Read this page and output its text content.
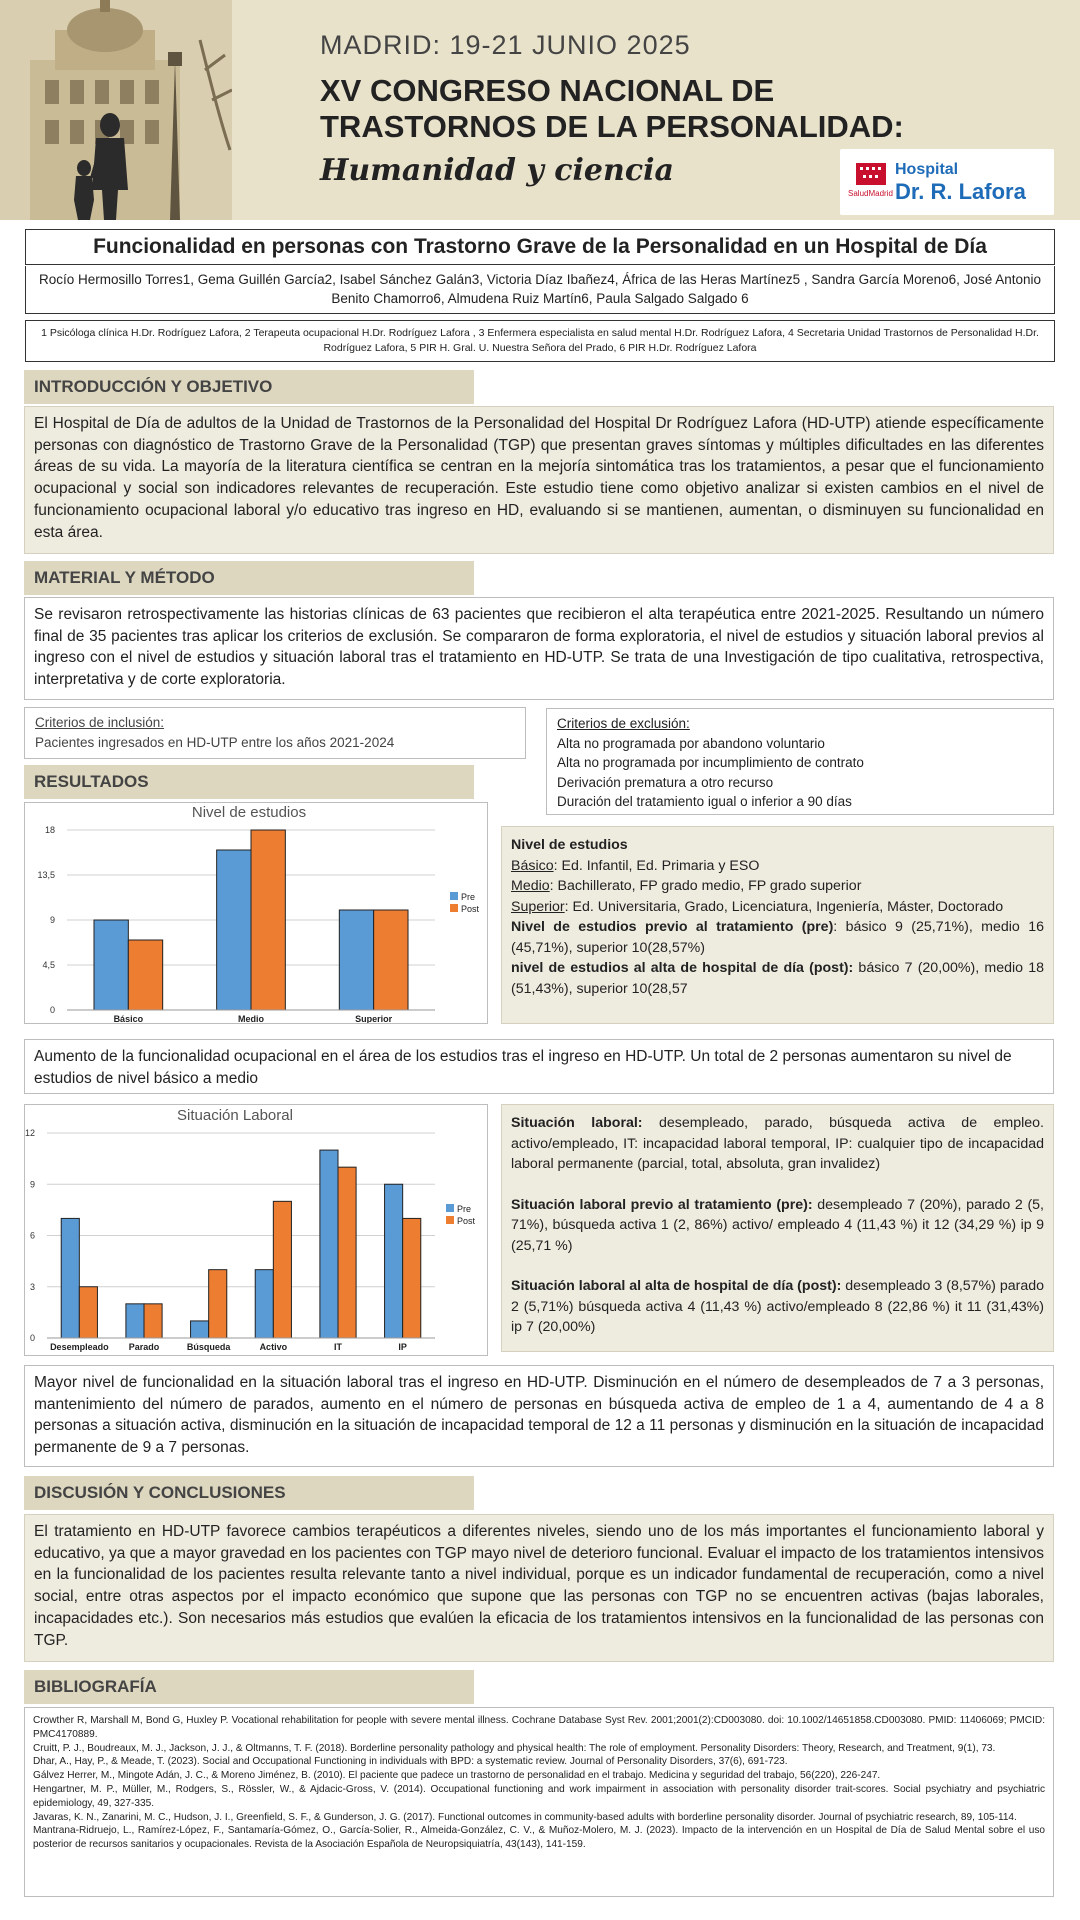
MADRID: 19-21 JUNIO 2025
XV CONGRESO NACIONAL DE
TRASTORNOS DE LA PERSONALIDAD:
Humanidad y ciencia
SaludMadrid
Hospital
Dr. R. Lafora
Funcionalidad en personas con Trastorno Grave de la Personalidad en un Hospital de Día
Rocío Hermosillo Torres1, Gema Guillén García2, Isabel Sánchez Galán3, Victoria Díaz Ibañez4, África de las Heras Martínez5 , Sandra García Moreno6, José Antonio Benito Chamorro6, Almudena Ruiz Martín6, Paula Salgado Salgado 6
1 Psicóloga clínica H.Dr. Rodríguez Lafora, 2 Terapeuta ocupacional H.Dr. Rodríguez Lafora , 3 Enfermera especialista en salud mental H.Dr. Rodríguez Lafora, 4 Secretaria Unidad Trastornos de Personalidad H.Dr. Rodríguez Lafora, 5 PIR H. Gral. U. Nuestra Señora del Prado, 6 PIR H.Dr. Rodríguez Lafora
INTRODUCCIÓN Y OBJETIVO
El Hospital de Día de adultos de la Unidad de Trastornos de la Personalidad del Hospital Dr Rodríguez Lafora (HD-UTP) atiende específicamente personas con diagnóstico de Trastorno Grave de la Personalidad (TGP) que presentan graves síntomas y múltiples dificultades en las diferentes áreas de su vida. La mayoría de la literatura científica se centran en la mejoría sintomática tras los tratamientos, a pesar que el funcionamiento ocupacional y social son indicadores relevantes de recuperación. Este estudio tiene como objetivo analizar si existen cambios en el nivel de funcionamiento ocupacional laboral y/o educativo tras ingreso en HD, evaluando si se mantienen, aumentan, o disminuyen su funcionalidad en esta área.
MATERIAL Y MÉTODO
Se revisaron retrospectivamente las historias clínicas de 63 pacientes que recibieron el alta terapéutica entre 2021-2025. Resultando un número final de 35 pacientes tras aplicar los criterios de exclusión. Se compararon de forma exploratoria, el nivel de estudios y situación laboral previos al ingreso con el nivel de estudios y situación laboral tras el tratamiento en HD-UTP. Se trata de una Investigación de tipo cualitativa, retrospectiva, interpretativa y de corte exploratoria.
Criterios de inclusión:
Pacientes ingresados en HD-UTP entre los años 2021-2024
Criterios de exclusión:
Alta no programada por abandono voluntario
Alta no programada por incumplimiento de contrato
Derivación prematura a otro recurso
Duración del tratamiento igual o inferior a 90 días
RESULTADOS
Nivel de estudios
0
4,5
9
13,5
18
Básico	Medio	Superior
Pre
Post
Nivel de estudios
Básico: Ed. Infantil, Ed. Primaria y ESO
Medio: Bachillerato, FP grado medio, FP grado superior
Superior: Ed. Universitaria, Grado, Licenciatura, Ingeniería, Máster, Doctorado
Nivel de estudios previo al tratamiento (pre): básico 9 (25,71%), medio 16 (45,71%), superior 10(28,57%)
nivel de estudios al alta de hospital de día (post): básico 7 (20,00%), medio 18 (51,43%), superior 10(28,57
Aumento de la funcionalidad ocupacional en el área de los estudios tras el ingreso en HD-UTP. Un total de 2 personas aumentaron su nivel de estudios de nivel básico a medio
Situación Laboral
0
3
6
9
12
Desempleado Parado	Búsqueda	Activo	IT	IP
Pre
Post
Situación laboral: desempleado, parado, búsqueda activa de empleo. activo/empleado, IT: incapacidad laboral temporal, IP: cualquier tipo de incapacidad laboral permanente (parcial, total, absoluta, gran invalidez)
Situación laboral previo al tratamiento (pre): desempleado 7 (20%), parado 2 (5, 71%), búsqueda activa 1 (2, 86%) activo/ empleado 4 (11,43 %) it 12 (34,29 %) ip 9 (25,71 %)
Situación laboral al alta de hospital de día (post): desempleado 3 (8,57%) parado 2 (5,71%) búsqueda activa 4 (11,43 %) activo/empleado 8 (22,86 %) it 11 (31,43%) ip 7 (20,00%)
Mayor nivel de funcionalidad en la situación laboral tras el ingreso en HD-UTP. Disminución en el número de desempleados de 7 a 3 personas, mantenimiento del número de parados, aumento en el número de personas en búsqueda activa de empleo de 1 a 4, aumentando de 4 a 8 personas a situación activa, disminución en la situación de incapacidad temporal de 12 a 11 personas y disminución en la situación de incapacidad permanente de 9 a 7 personas.
DISCUSIÓN Y CONCLUSIONES
El tratamiento en HD-UTP favorece cambios terapéuticos a diferentes niveles, siendo uno de los más importantes el funcionamiento laboral y educativo, ya que a mayor gravedad en los pacientes con TGP mayo nivel de deterioro funcional. Evaluar el impacto de los tratamientos intensivos en la funcionalidad de los pacientes resulta relevante tanto a nivel individual, porque es un indicador fundamental de recuperación, como a nivel social, entre otras aspectos por el impacto económico que supone que las personas con TGP no se encuentren activas (bajas laborales, incapacidades etc.). Son necesarios más estudios que evalúen la eficacia de los tratamientos intensivos en la funcionalidad de las personas con TGP.
BIBLIOGRAFÍA
Crowther R, Marshall M, Bond G, Huxley P. Vocational rehabilitation for people with severe mental illness. Cochrane Database Syst Rev. 2001;2001(2):CD003080. doi: 10.1002/14651858.CD003080. PMID: 11406069; PMCID: PMC4170889.
Cruitt, P. J., Boudreaux, M. J., Jackson, J. J., & Oltmanns, T. F. (2018). Borderline personality pathology and physical health: The role of employment. Personality Disorders: Theory, Research, and Treatment, 9(1), 73.
Dhar, A., Hay, P., & Meade, T. (2023). Social and Occupational Functioning in individuals with BPD: a systematic review. Journal of Personality Disorders, 37(6), 691-723.
Gálvez Herrer, M., Mingote Adán, J. C., & Moreno Jiménez, B. (2010). El paciente que padece un trastorno de personalidad en el trabajo. Medicina y seguridad del trabajo, 56(220), 226-247.
Hengartner, M. P., Müller, M., Rodgers, S., Rössler, W., & Ajdacic-Gross, V. (2014). Occupational functioning and work impairment in association with personality disorder trait-scores. Social psychiatry and psychiatric epidemiology, 49, 327-335.
Javaras, K. N., Zanarini, M. C., Hudson, J. I., Greenfield, S. F., & Gunderson, J. G. (2017). Functional outcomes in community-based adults with borderline personality disorder. Journal of psychiatric research, 89, 105-114.
Mantrana-Ridruejo, L., Ramírez-López, F., Santamaría-Gómez, O., García-Solier, R., Almeida-González, C. V., & Muñoz-Molero, M. J. (2023). Impacto de la intervención en un Hospital de Día de Salud Mental sobre el uso posterior de recursos sanitarios y ocupacionales. Revista de la Asociación Española de Neuropsiquiatría, 43(143), 141-159.
